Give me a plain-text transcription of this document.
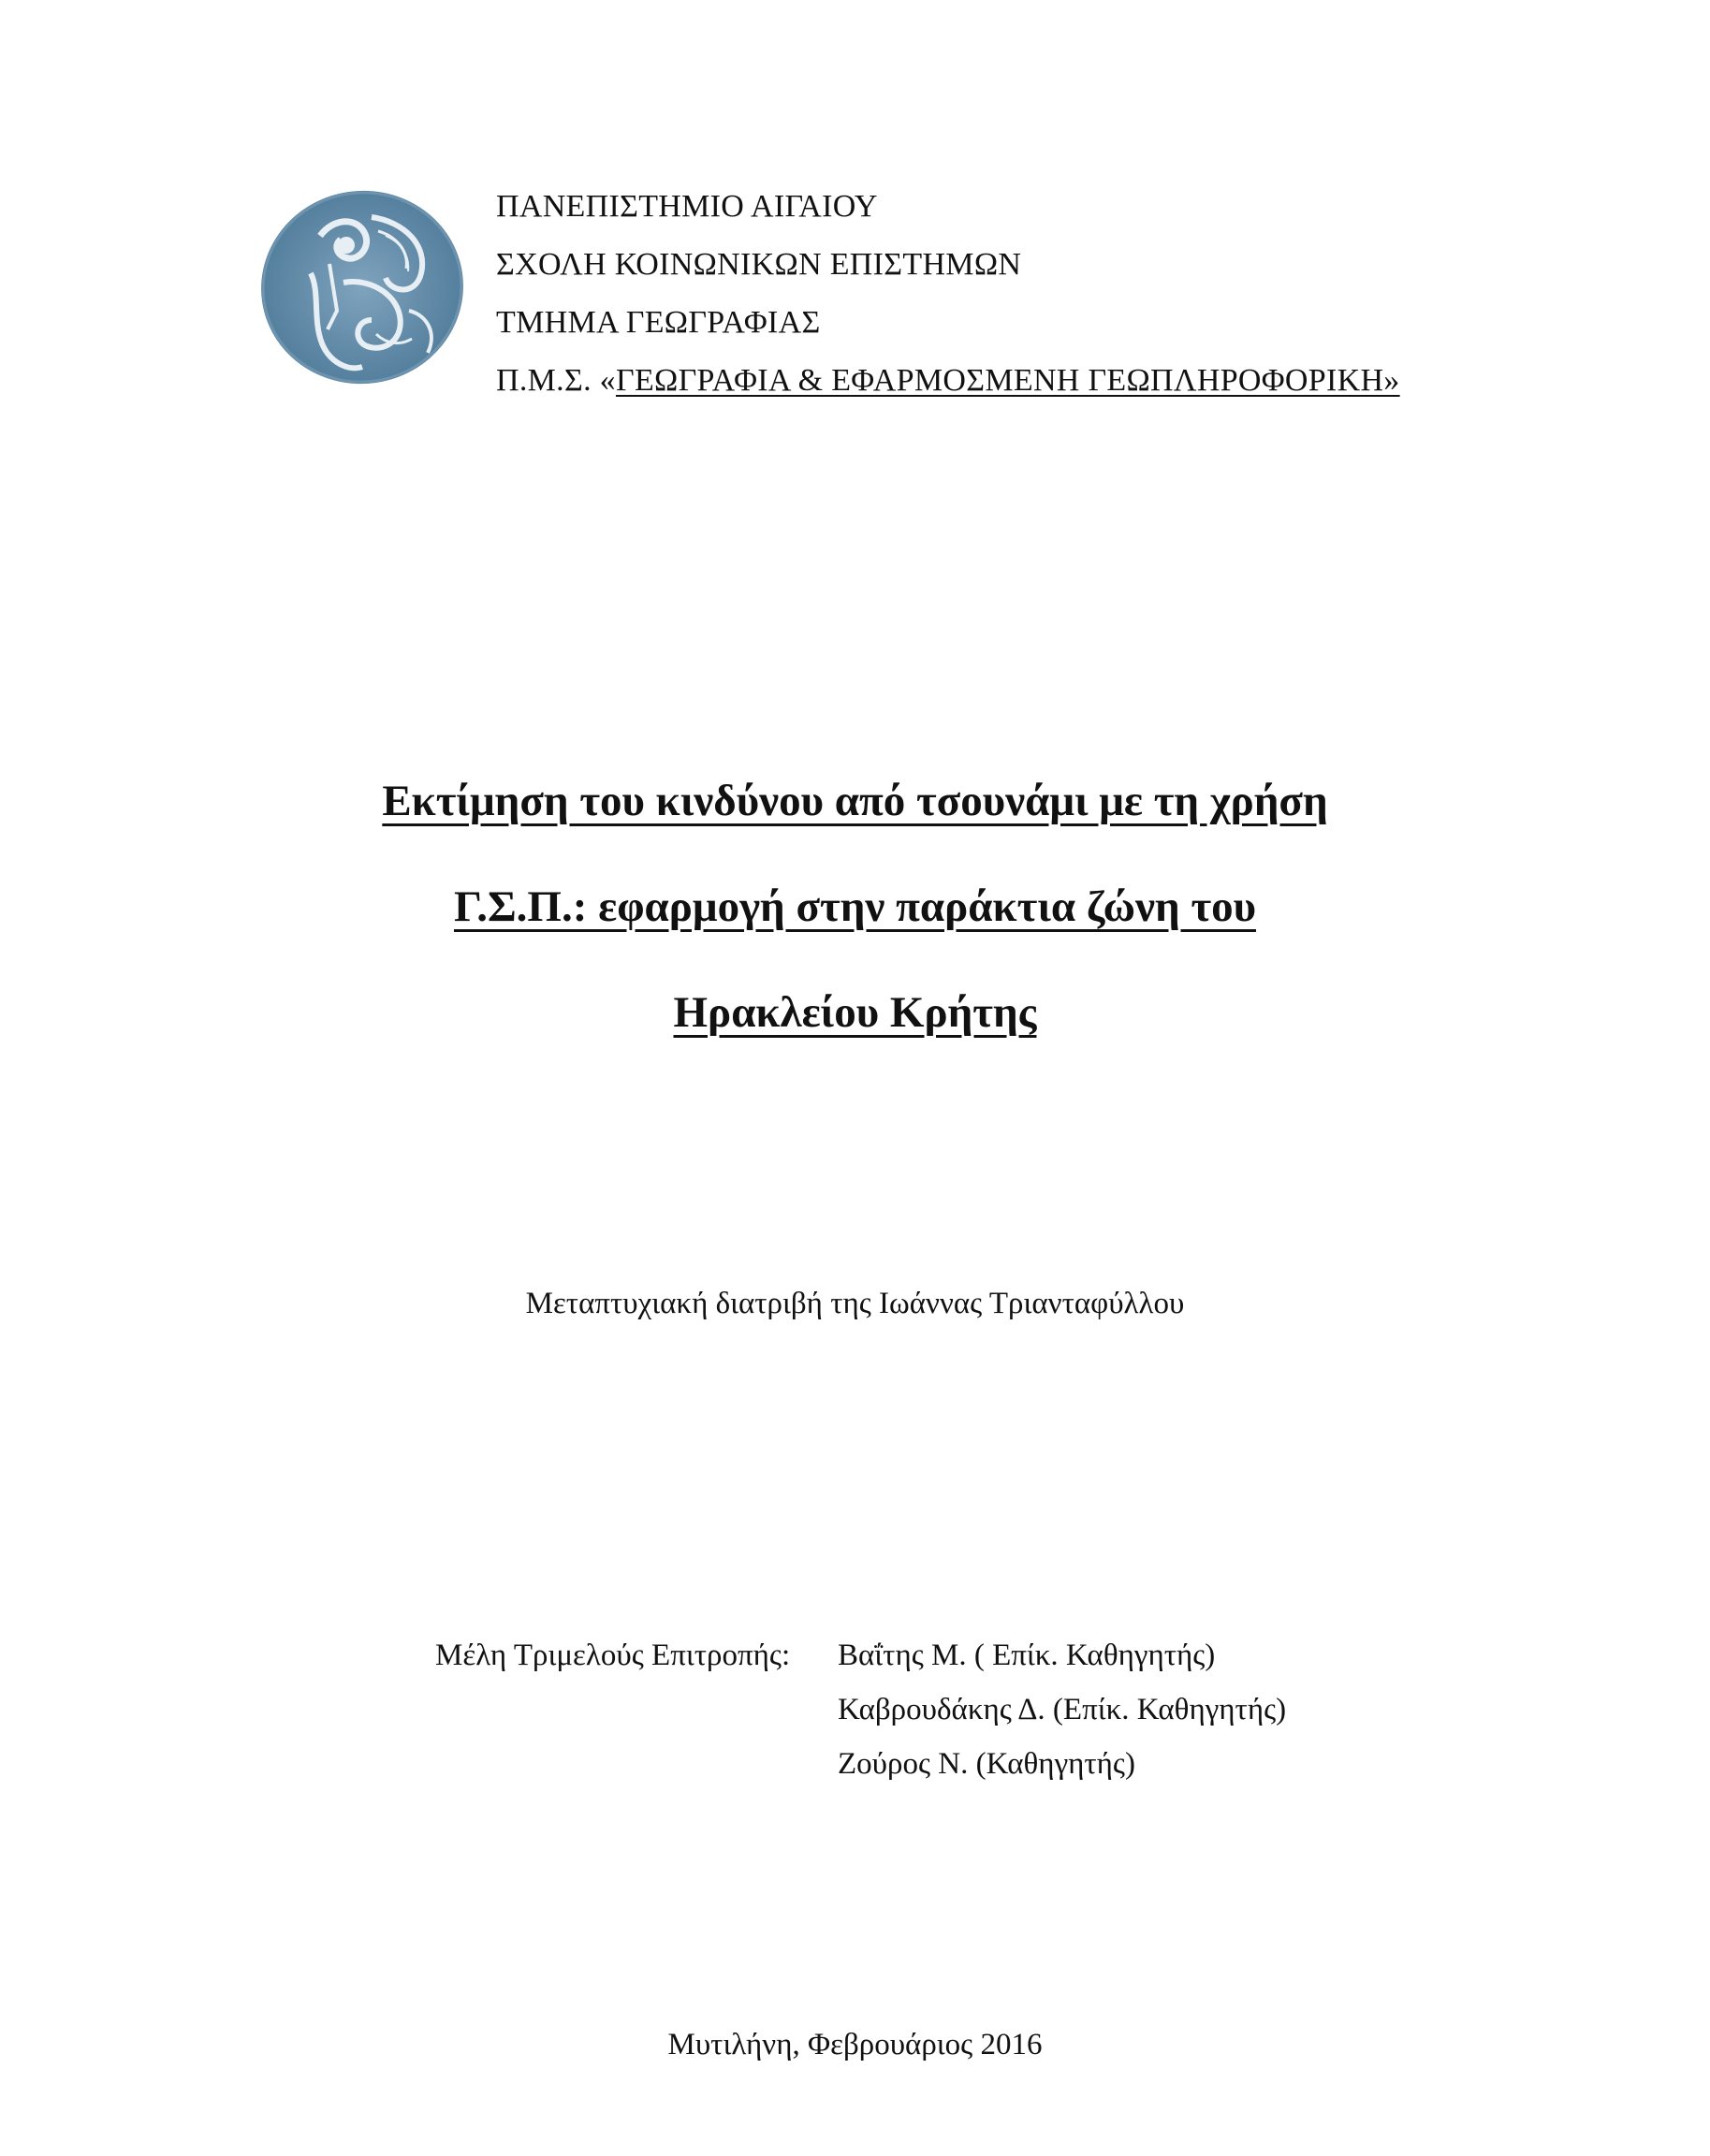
ΠΑΝΕΠΙΣΤΗΜΙΟ ΑΙΓΑΙΟΥ
ΣΧΟΛΗ ΚΟΙΝΩΝΙΚΩΝ ΕΠΙΣΤΗΜΩΝ
ΤΜΗΜΑ ΓΕΩΓΡΑΦΙΑΣ
Π.Μ.Σ. «ΓΕΩΓΡΑΦΙΑ & ΕΦΑΡΜΟΣΜΕΝΗ ΓΕΩΠΛΗΡΟΦΟΡΙΚΗ»
Εκτίμηση του κινδύνου από τσουνάμι με τη χρήση
Γ.Σ.Π.: εφαρμογή στην παράκτια ζώνη του
Ηρακλείου Κρήτης
Μεταπτυχιακή διατριβή της Ιωάννας Τριανταφύλλου
Μέλη Τριμελούς Επιτροπής: Βαΐτης Μ. ( Επίκ. Καθηγητής)
Καβρουδάκης Δ. (Επίκ. Καθηγητής)
Ζούρος Ν. (Καθηγητής)
Μυτιλήνη, Φεβρουάριος 2016
